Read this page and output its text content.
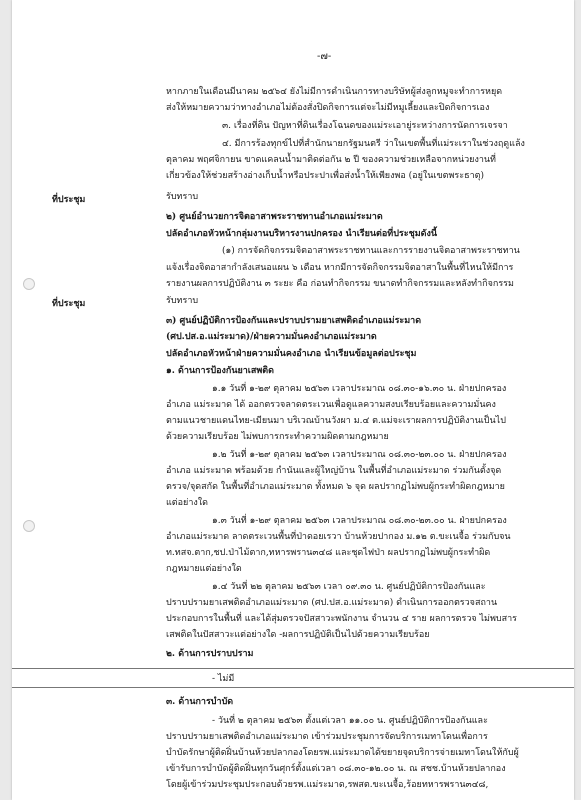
-๗-
ที่ประชุม
ที่ประชุม

หากภายในเดือนมีนาคม ๒๕๖๔ ยังไม่มีการดำเนินการทางบริษัทผู้ส่งลูกหมูจะทำการหยุด

ส่งให้หมายความว่าทางอำเภอไม่ต้องสั่งปิดกิจการแต่จะไม่มีหมูเลี้ยงและปิดกิจการเอง

๓. เรื่องที่ดิน ปัญหาที่ดินเรื่องโฉนดของแม่ระเอายู่ระหว่างการนัดการเจรจา

๔. มีการร้องทุกข์ไปที่สำนักนายกรัฐมนตรี ว่าในเขตพื้นที่แม่ระเราในช่วงฤดูแล้ง

ตุลาคม พฤศจิกายน ขาดแคลนน้ำมาติดต่อกัน ๒ ปี ของความช่วยเหลือจากหน่วยงานที่

เกี่ยวข้องให้ช่วยสร้างอ่างเก็บน้ำหรือประปาเพื่อส่งน้ำให้เพียงพอ (อยู่ในเขตพระธาตุ)

รับทราบ

๒) ศูนย์อำนวยการจิตอาสาพระราชทานอำเภอแม่ระมาด

ปลัดอำเภอหัวหน้ากลุ่มงานบริหารงานปกครอง นำเรียนต่อที่ประชุมดังนี้

(๑) การจัดกิจกรรมจิตอาสาพระราชทานและการรายงานจิตอาสาพระราชทาน

แจ้งเรื่องจิตอาสากำลังเสนอแผน ๖ เดือน หากมีการจัดกิจกรรมจิตอาสาในพื้นที่ไหนให้มีการ

รายงานผลการปฏิบัติงาน ๓ ระยะ คือ ก่อนทำกิจกรรม ขนาดทำกิจกรรมและหลังทำกิจกรรม

รับทราบ

๓) ศูนย์ปฏิบัติการป้องกันและปราบปรามยาเสพติดอำเภอแม่ระมาด

(ศป.ปส.อ.แม่ระมาด)/ฝ่ายความมั่นคงอำเภอแม่ระมาด

ปลัดอำเภอหัวหน้าฝ่ายความมั่นคงอำเภอ นำเรียนข้อมูลต่อประชุม

๑. ด้านการป้องกันยาเสพติด

๑.๑ วันที่ ๑-๒๙ ตุลาคม ๒๕๖๓ เวลาประมาณ ๐๘.๓๐-๑๖.๓๐ น. ฝ่ายปกครอง

อำเภอ แม่ระมาด ได้ ออกตรวจลาดตระเวนเพื่อดูแลความสงบเรียบร้อยและความมั่นคง

ตามแนวชายแดนไทย-เมียนมา บริเวณบ้านวังผา ม.๔ ต.แม่จะเราผลการปฏิบัติงานเป็นไป

ด้วยความเรียบร้อย ไม่พบการกระทำความผิดตามกฎหมาย

๑.๒ วันที่ ๑-๒๙ ตุลาคม ๒๕๖๓ เวลาประมาณ ๐๘.๓๐-๒๓.๐๐ น. ฝ่ายปกครอง

อำเภอ แม่ระมาด พร้อมด้วย กำนันและผู้ใหญ่บ้าน ในพื้นที่อำเภอแม่ระมาด ร่วมกันตั้งจุด

ตรวจ/จุดสกัด ในพื้นที่อำเภอแม่ระมาด ทั้งหมด ๖ จุด ผลปรากฏไม่พบผู้กระทำผิดกฎหมาย

แต่อย่างใด

๑.๓ วันที่ ๑-๒๙ ตุลาคม ๒๕๖๓ เวลาประมาณ ๐๘.๓๐-๒๓.๐๐ น. ฝ่ายปกครอง

อำเภอแม่ระมาด ลาดตระเวนพื้นที่ป่าดอยเรวา บ้านห้วยปากอง ม.๑๒ ต.ขะเนจื้อ ร่วมกับจน

ท.ทสจ.ตาก,ชป.ป่าไม้ตาก,ทหารพราน๓๔๘ และชุดไฟป่า ผลปรากฏไม่พบผู้กระทำผิด

กฎหมายแต่อย่างใด

๑.๔ วันที่ ๒๒ ตุลาคม ๒๕๖๓ เวลา ๐๙.๓๐ น. ศูนย์ปฏิบัติการป้องกันและ

ปราบปรามยาเสพติดอำเภอแม่ระมาด (ศป.ปส.อ.แม่ระมาด) ดำเนินการออกตรวจสถาน

ประกอบการในพื้นที่ และได้สุ่มตรวจปัสสาวะพนักงาน จำนวน ๔ ราย ผลการตรวจ ไม่พบสาร

เสพติดในปัสสาวะแต่อย่างใด -ผลการปฏิบัติเป็นไปด้วยความเรียบร้อย

๒. ด้านการปราบปราม

- ไม่มี

๓. ด้านการบำบัด

- วันที่ ๒ ตุลาคม ๒๕๖๓ ตั้งแต่เวลา ๑๑.๐๐ น. ศูนย์ปฏิบัติการป้องกันและ

ปราบปรามยาเสพติดอำเภอแม่ระมาด เข้าร่วมประชุมการจัดบริการเมทาโดนเพื่อการ

บำบัดรักษาผู้ติดฝิ่นบ้านห้วยปลากองโดยรพ.แม่ระมาดได้ขยายจุดบริการจ่ายเมทาโดนให้กับผู้

เข้ารับการบำบัดผู้ติดฝิ่นทุกวันศุกร์ตั้งแต่เวลา ๐๘.๓๐-๑๒.๐๐ น. ณ สชช.บ้านห้วยปลากอง

โดยผู้เข้าร่วมประชุมประกอบด้วยรพ.แม่ระมาด,รพสต.ขะเนจื้อ,ร้อยทหารพราน๓๔๘,
